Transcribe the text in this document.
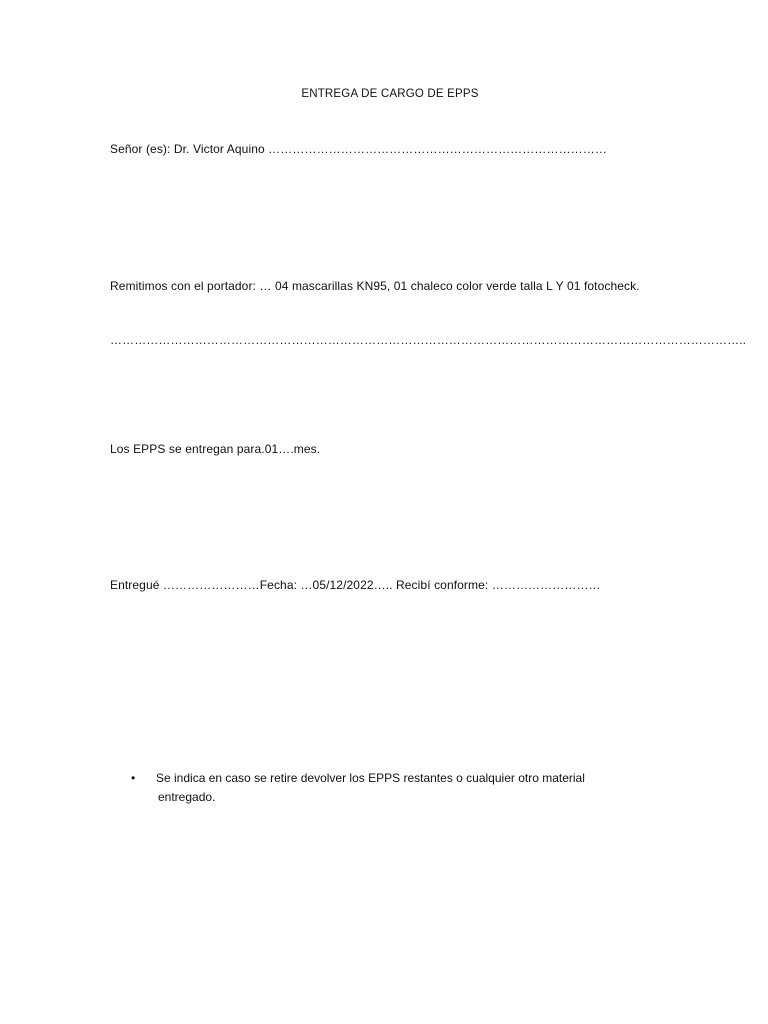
ENTREGA DE CARGO DE EPPS
Señor (es): Dr. Victor Aquino …………………………………………………………………………
Remitimos con el portador: … 04 mascarillas KN95, 01 chaleco color verde talla L Y 01 fotocheck.
…………………………………………………………………………………………………………………………………………..
Los EPPS se entregan para.01….mes.
Entregué ……………………Fecha: …05/12/2022….. Recibí conforme: ………………………
• Se indica en caso se retire devolver los EPPS restantes o cualquier otro material
entregado.
